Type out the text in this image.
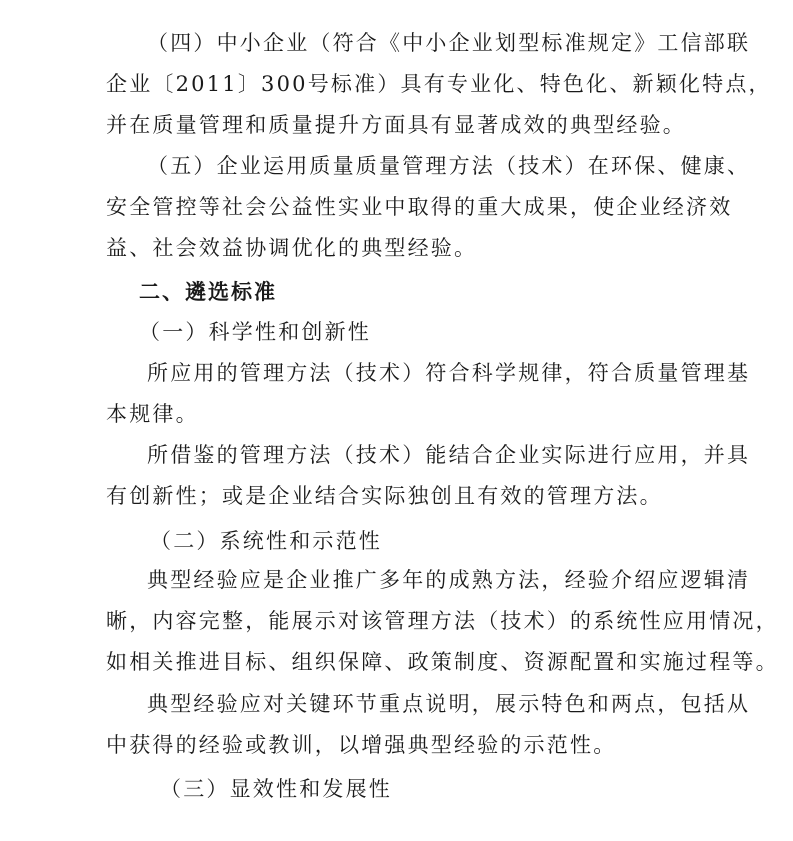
（四）中小企业（符合《中小企业划型标准规定》工信部联
企业〔2011〕300号标准）具有专业化、特色化、新颖化特点，
并在质量管理和质量提升方面具有显著成效的典型经验。
（五）企业运用质量质量管理方法（技术）在环保、健康、
安全管控等社会公益性实业中取得的重大成果，使企业经济效
益、社会效益协调优化的典型经验。
二、遴选标准
（一）科学性和创新性
所应用的管理方法（技术）符合科学规律，符合质量管理基
本规律。
所借鉴的管理方法（技术）能结合企业实际进行应用，并具
有创新性；或是企业结合实际独创且有效的管理方法。
（二）系统性和示范性
典型经验应是企业推广多年的成熟方法，经验介绍应逻辑清
晰，内容完整，能展示对该管理方法（技术）的系统性应用情况，
如相关推进目标、组织保障、政策制度、资源配置和实施过程等。
典型经验应对关键环节重点说明，展示特色和两点，包括从
中获得的经验或教训，以增强典型经验的示范性。
（三）显效性和发展性
